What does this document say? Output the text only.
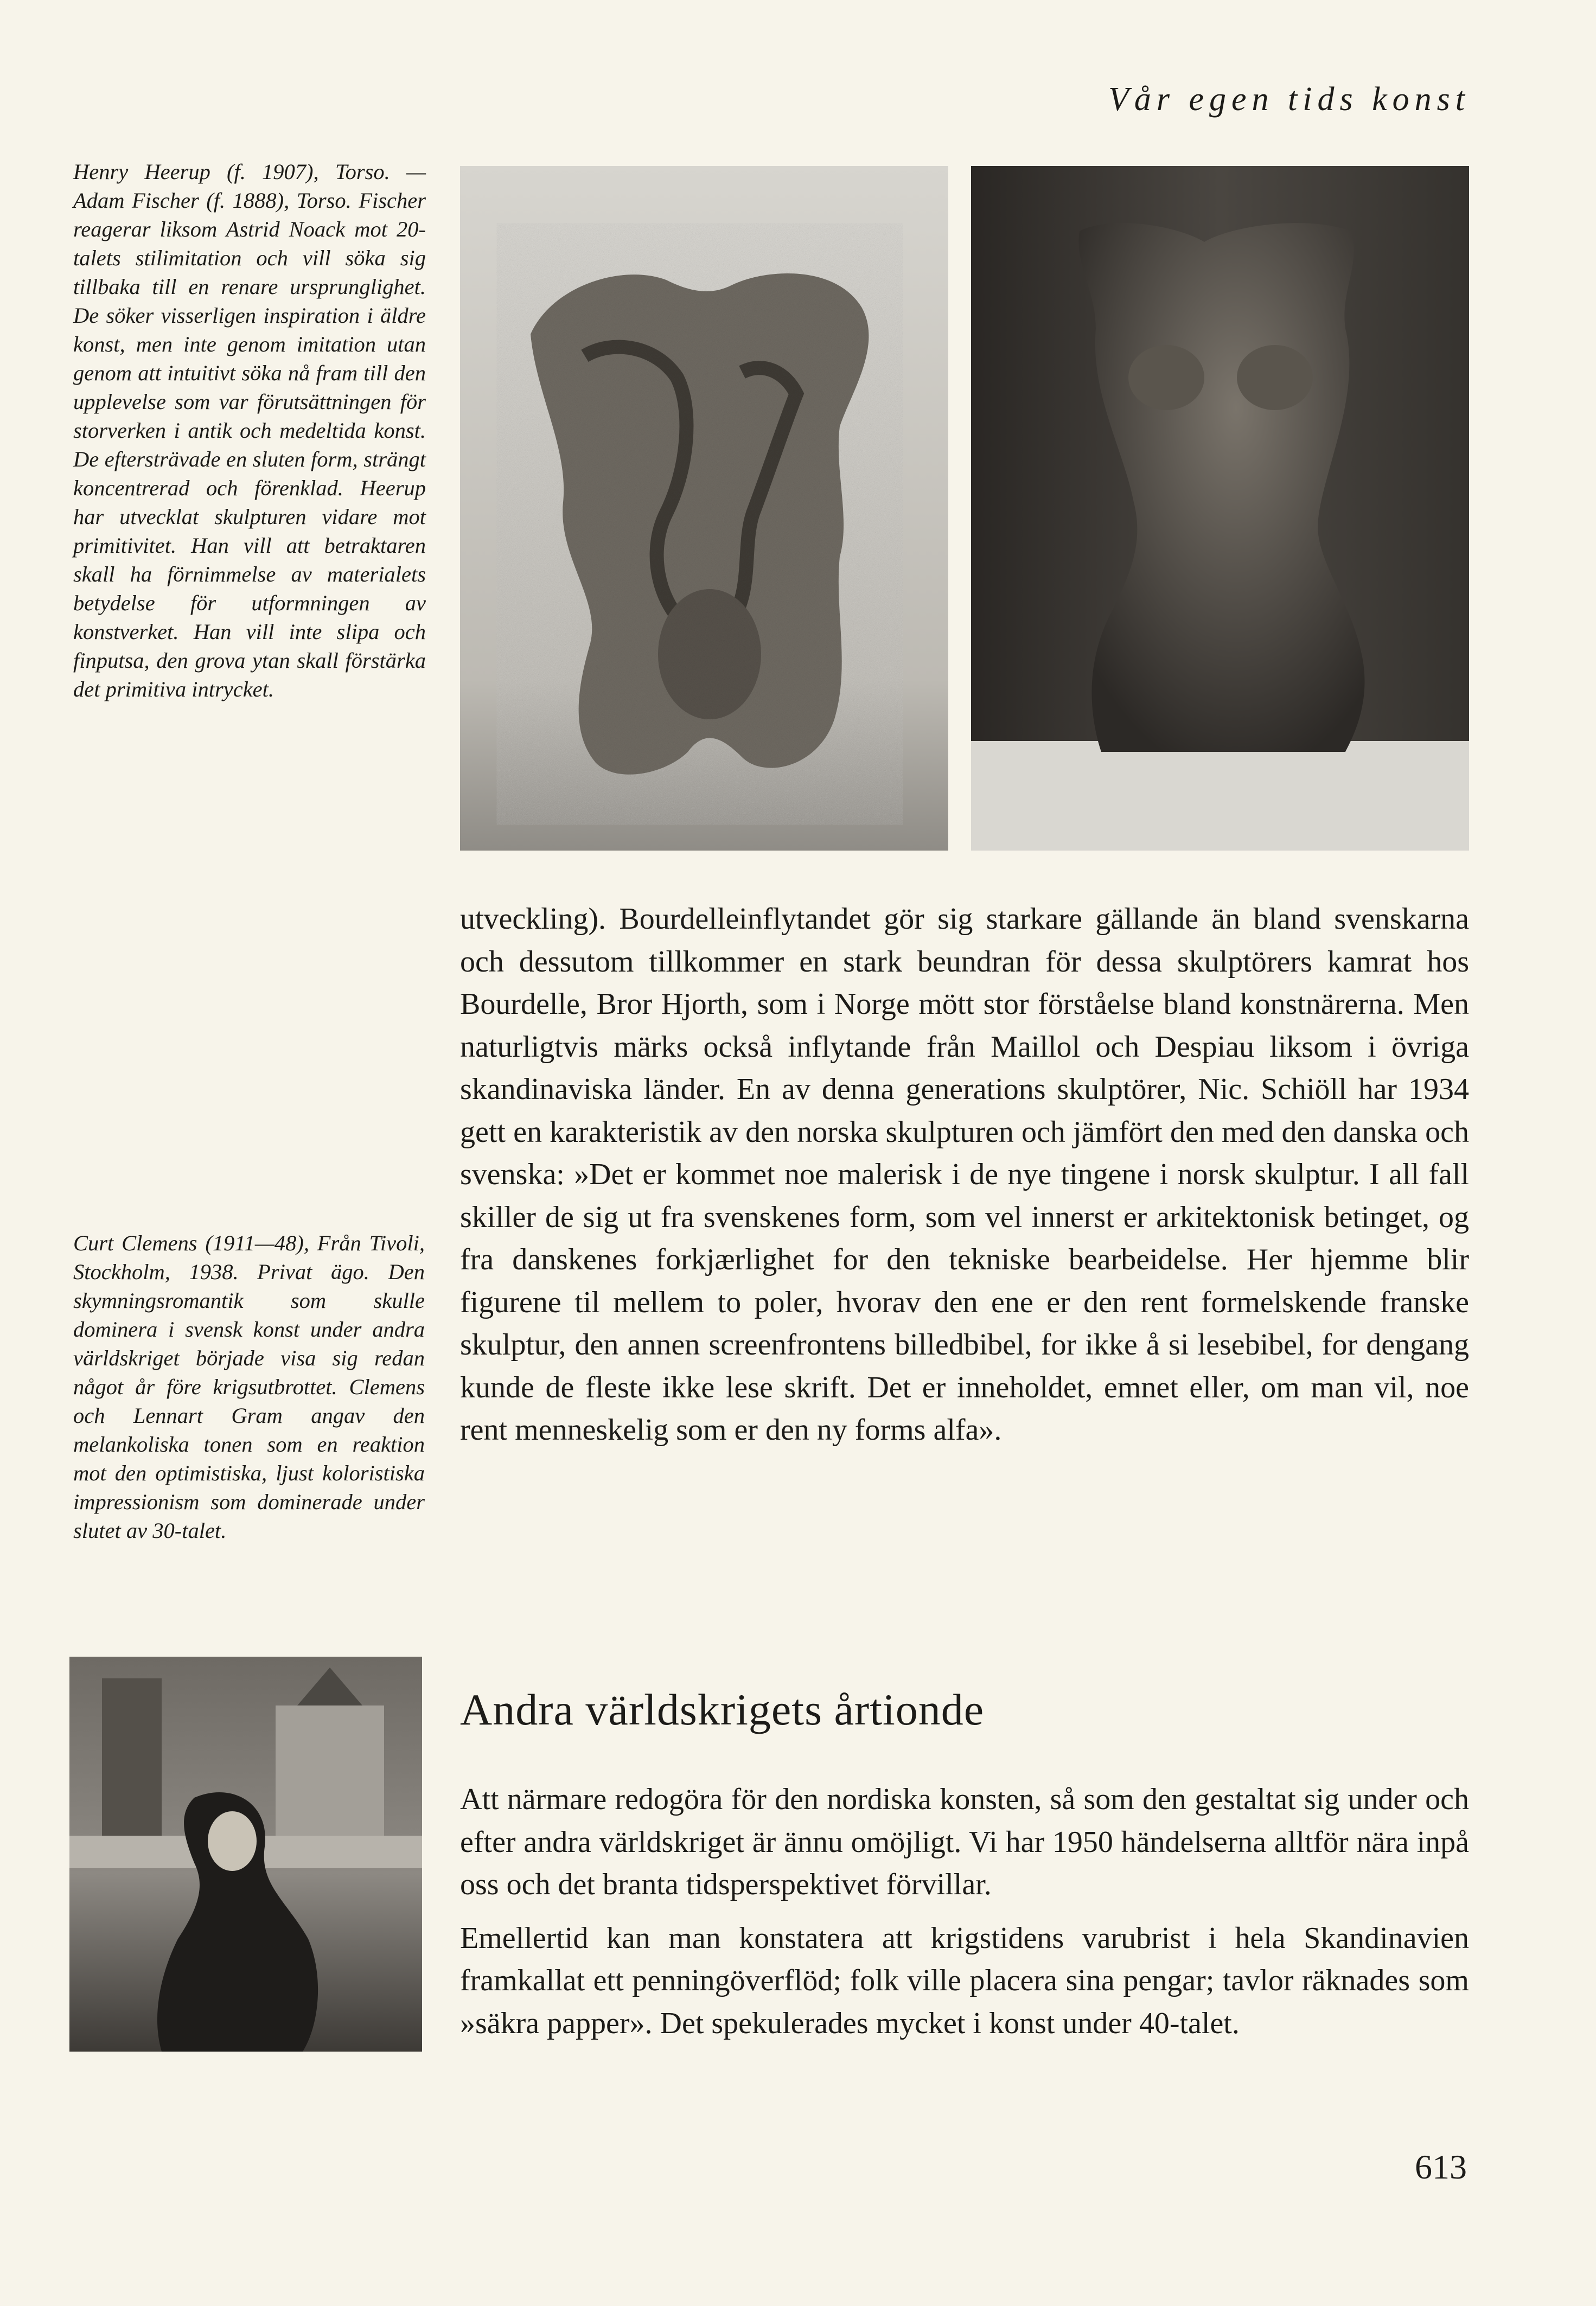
Vår egen tids konst

Henry Heerup (f. 1907), Torso. — Adam Fischer (f. 1888), Torso. Fischer reagerar liksom Astrid Noack mot 20-talets stilimitation och vill söka sig tillbaka till en renare ursprunglighet. De söker visserligen inspiration i äldre konst, men inte genom imitation utan genom att intuitivt söka nå fram till den upplevelse som var förutsättningen för storverken i antik och medeltida konst. De eftersträvade en sluten form, strängt koncentrerad och förenklad. Heerup har utvecklat skulpturen vidare mot primitivitet. Han vill att betraktaren skall ha förnimmelse av materialets betydelse för utformningen av konstverket. Han vill inte slipa och finputsa, den grova ytan skall förstärka det primitiva intrycket.

utveckling). Bourdelleinflytandet gör sig starkare gällande än bland svenskarna och dessutom tillkommer en stark beundran för dessa skulptörers kamrat hos Bourdelle, Bror Hjorth, som i Norge mött stor förståelse bland konstnärerna. Men naturligtvis märks också inflytande från Maillol och Despiau liksom i övriga skandinaviska länder. En av denna generations skulptörer, Nic. Schiöll har 1934 gett en karakteristik av den norska skulpturen och jämfört den med den danska och svenska: »Det er kommet noe malerisk i de nye tingene i norsk skulptur. I all fall skiller de sig ut fra svenskenes form, som vel innerst er arkitektonisk betinget, og fra danskenes forkjærlighet for den tekniske bearbeidelse. Her hjemme blir figurene til mellem to poler, hvorav den ene er den rent formelskende franske skulptur, den annen screenfrontens billedbibel, for ikke å si lesebibel, for dengang kunde de fleste ikke lese skrift. Det er inneholdet, emnet eller, om man vil, noe rent menneskelig som er den ny forms alfa».

Curt Clemens (1911—48), Från Tivoli, Stockholm, 1938. Privat ägo. Den skymningsromantik som skulle dominera i svensk konst under andra världskriget började visa sig redan något år före krigsutbrottet. Clemens och Lennart Gram angav den melankoliska tonen som en reaktion mot den optimistiska, ljust koloristiska impressionism som dominerade under slutet av 30-talet.

Andra världskrigets årtionde

Att närmare redogöra för den nordiska konsten, så som den gestaltat sig under och efter andra världskriget är ännu omöjligt. Vi har 1950 händelserna alltför nära inpå oss och det branta tidsperspektivet förvillar.

Emellertid kan man konstatera att krigstidens varubrist i hela Skandinavien framkallat ett penningöverflöd; folk ville placera sina pengar; tavlor räknades som »säkra papper». Det spekulerades mycket i konst under 40-talet.

613
